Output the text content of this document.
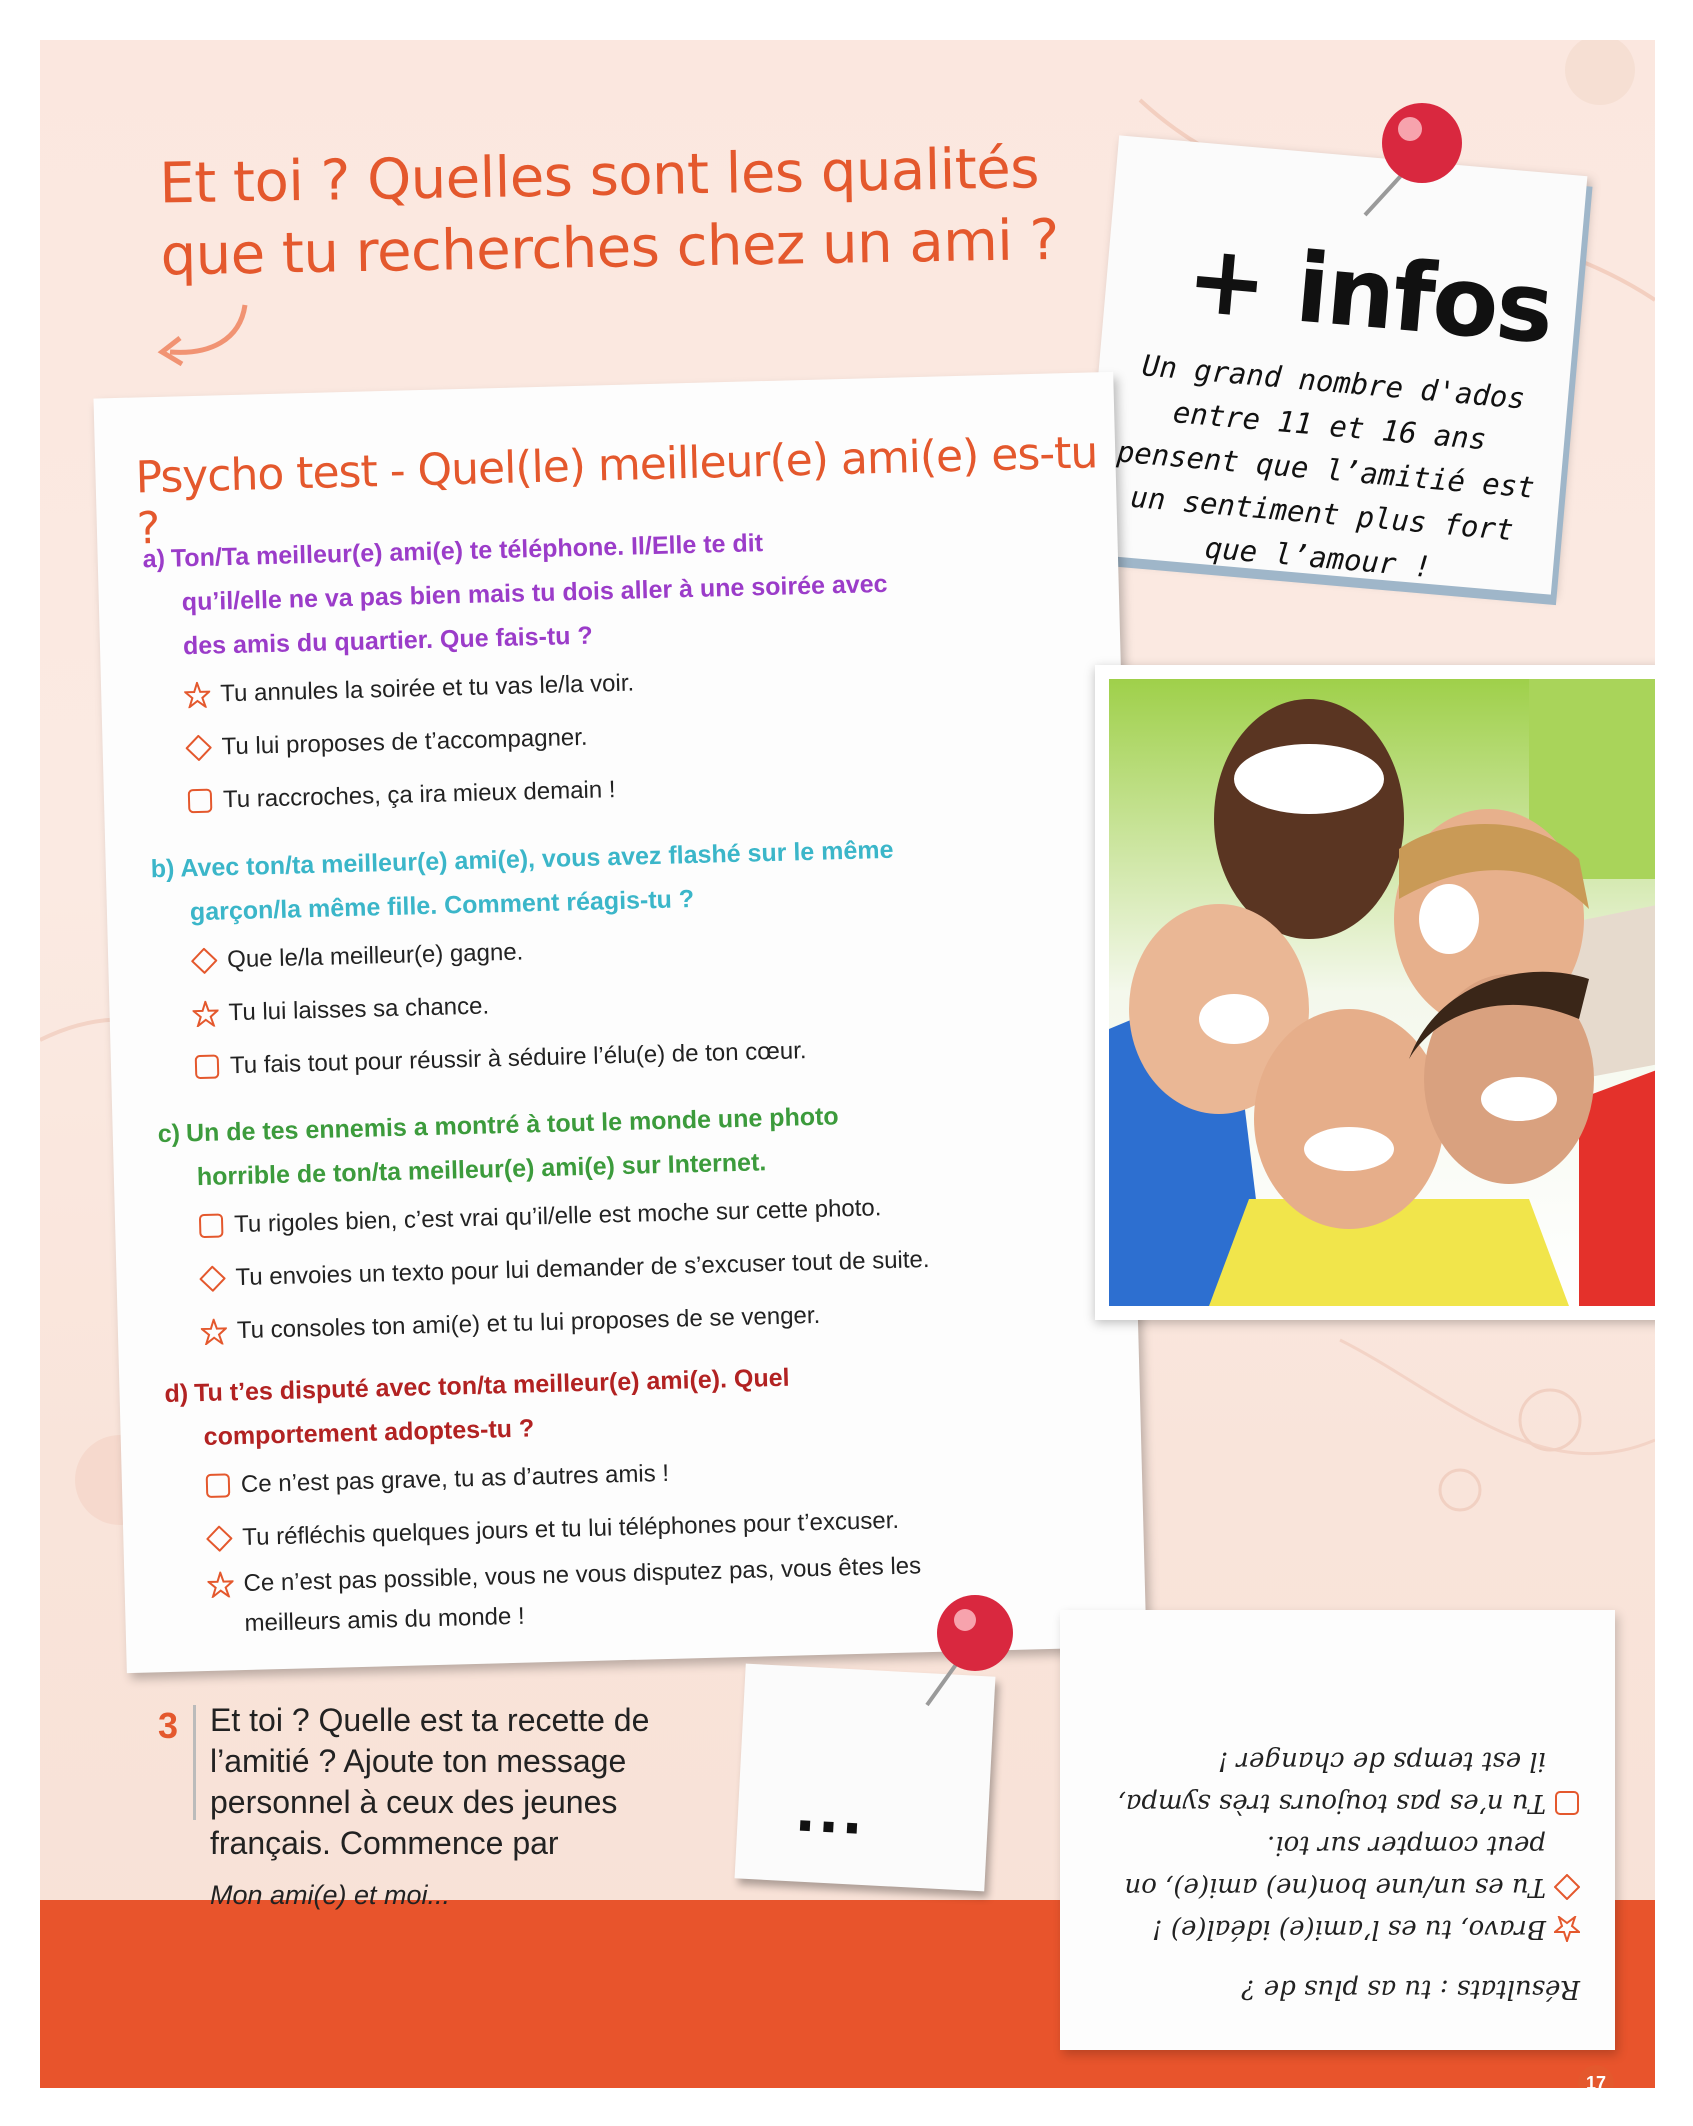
Et toi ? Quelles sont les qualités
que tu recherches chez un ami ?	+ infos
Un grand nombre d'ados entre 11 et 16 ans pensent que l’amitié est un sentiment plus fort que l’amour !
Psycho test - Quel(le) meilleur(e) ami(e) es-tu ?
a) Ton/Ta meilleur(e) ami(e) te téléphone. Il/Elle te dit
qu’il/elle ne va pas bien mais tu dois aller à une soirée avec
des amis du quartier. Que fais-tu ?
Tu annules la soirée et tu vas le/la voir.
Tu lui proposes de t’accompagner.
Tu raccroches, ça ira mieux demain !
b) Avec ton/ta meilleur(e) ami(e), vous avez flashé sur le même
garçon/la même fille. Comment réagis-tu ?
Que le/la meilleur(e) gagne.
Tu lui laisses sa chance.
Tu fais tout pour réussir à séduire l’élu(e) de ton cœur.
c) Un de tes ennemis a montré à tout le monde une photo
horrible de ton/ta meilleur(e) ami(e) sur Internet.
Tu rigoles bien, c’est vrai qu’il/elle est moche sur cette photo.
Tu envoies un texto pour lui demander de s’excuser tout de suite.
Tu consoles ton ami(e) et tu lui proposes de se venger.
d) Tu t’es disputé avec ton/ta meilleur(e) ami(e). Quel
comportement adoptes-tu ?
Ce n’est pas grave, tu as d’autres amis !
Tu réfléchis quelques jours et tu lui téléphones pour t’excuser.
Ce n’est pas possible, vous ne vous disputez pas, vous êtes les
meilleurs amis du monde !
3 Et toi ? Quelle est ta recette de l’amitié ? Ajoute ton message personnel à ceux des jeunes français. Commence par
Mon ami(e) et moi...
...
Résultats : tu as plus de ?
Bravo, tu es l’ami(e) idéal(e) !
Tu es un/une bon(ne) ami(e), on
peut compter sur toi.
Tu n’es pas toujours très sympa,
il est temps de changer !
17
